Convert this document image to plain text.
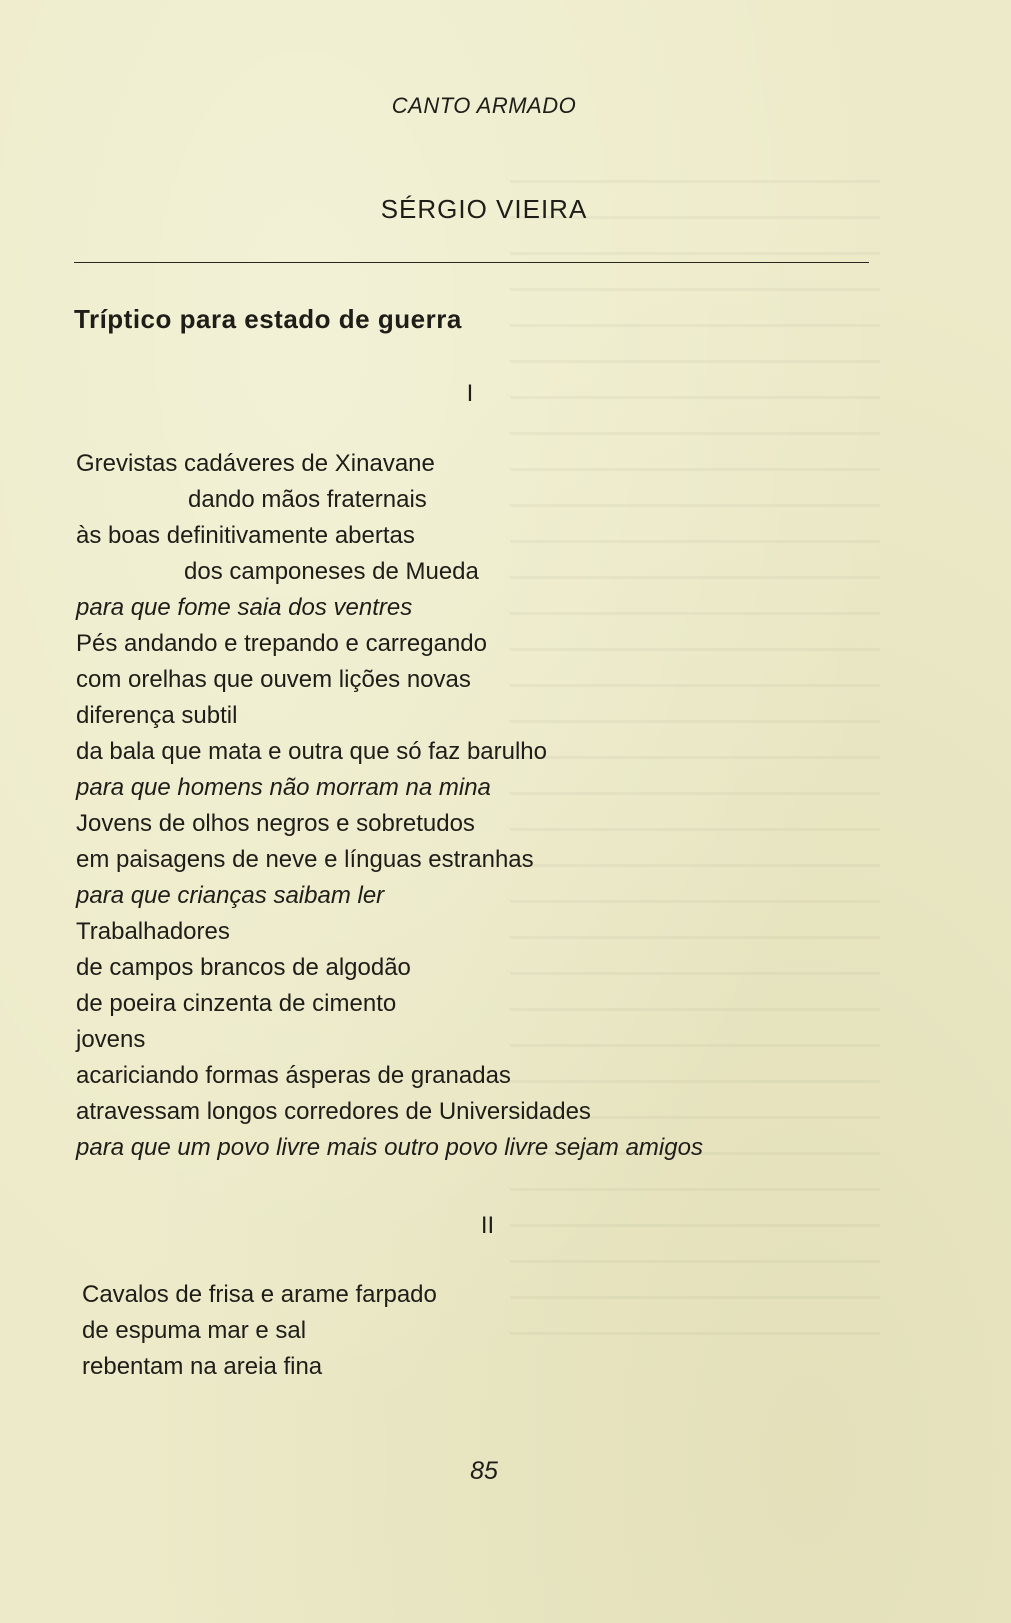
CANTO ARMADO
SÉRGIO VIEIRA
Tríptico para estado de guerra
I
Grevistas cadáveres de Xinavane
dando mãos fraternais
às boas definitivamente abertas
dos camponeses de Mueda
para que fome saia dos ventres
Pés andando e trepando e carregando
com orelhas que ouvem lições novas
diferença subtil
da bala que mata e outra que só faz barulho
para que homens não morram na mina
Jovens de olhos negros e sobretudos
em paisagens de neve e línguas estranhas
para que crianças saibam ler
Trabalhadores
de campos brancos de algodão
de poeira cinzenta de cimento
jovens
acariciando formas ásperas de granadas
atravessam longos corredores de Universidades
para que um povo livre mais outro povo livre sejam amigos
II
Cavalos de frisa e arame farpado
de espuma mar e sal
rebentam na areia fina
85
